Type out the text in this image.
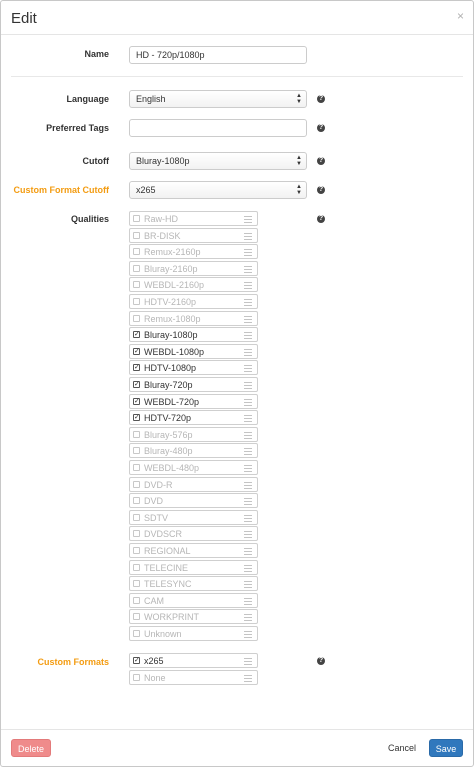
Edit	×
Name	HD - 720p/1080p
Language	English	▲
▼ ?
Preferred Tags	?
Cutoff	Bluray-1080p	▲
▼ ?
Custom Format Cutoff	x265	▲
▼ ?
Qualities	?
Raw-HD
BR-DISK
Remux-2160p
Bluray-2160p
WEBDL-2160p
HDTV-2160p
Remux-1080p
✓ Bluray-1080p
✓ WEBDL-1080p
✓ HDTV-1080p
✓ Bluray-720p
✓ WEBDL-720p
✓ HDTV-720p
Bluray-576p
Bluray-480p
WEBDL-480p
DVD-R
DVD
SDTV
DVDSCR
REGIONAL
TELECINE
TELESYNC
CAM
WORKPRINT
Unknown
Custom Formats	?
✓ x265
None
Delete	Cancel	Save
